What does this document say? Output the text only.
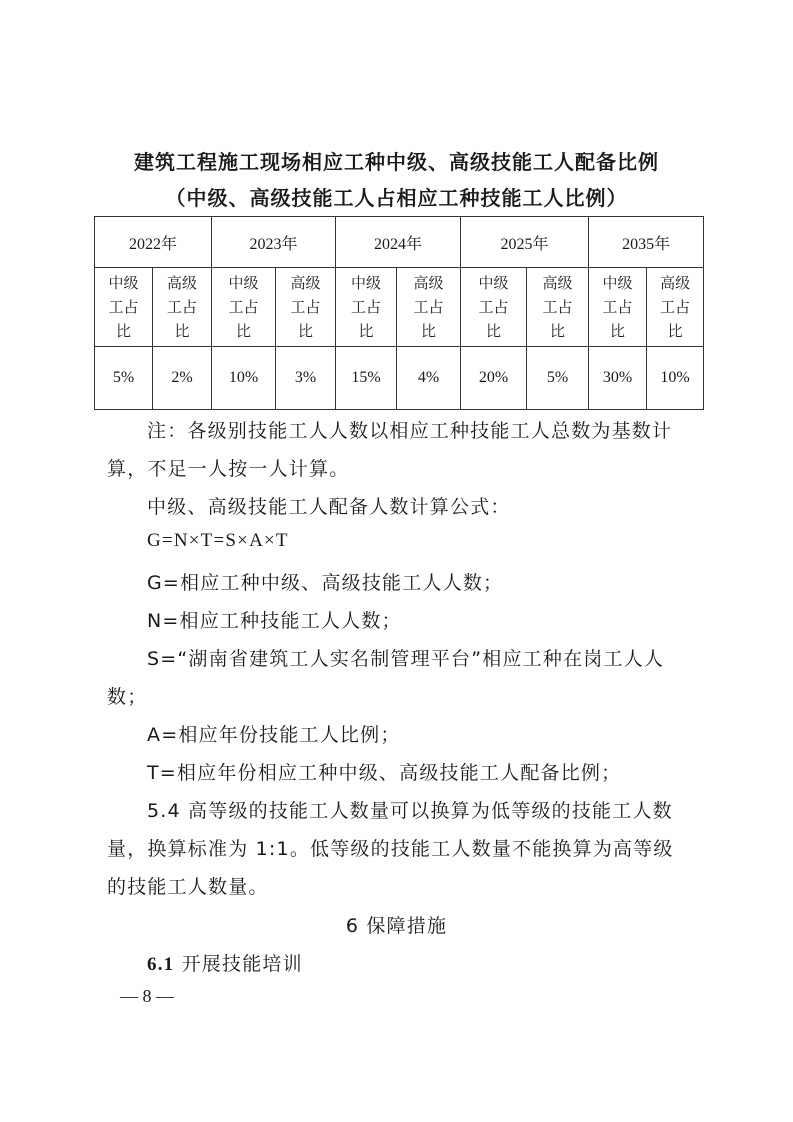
建筑工程施工现场相应工种中级、高级技能工人配备比例
（中级、高级技能工人占相应工种技能工人比例）
2022年		2023年		2024年		2025年		2035年	

中级
工占
比	高级
工占
比	中级
工占
比	高级
工占
比	中级
工占
比	高级
工占
比	中级
工占
比	高级
工占
比	中级
工占
比	高级
工占
比

5%	2%	10%	3%	15%	4%	20%	5%	30%	10%
注：各级别技能工人人数以相应工种技能工人总数为基数计
算，不足一人按一人计算。
中级、高级技能工人配备人数计算公式：
G=N×T=S×A×T
G=相应工种中级、高级技能工人人数；
N=相应工种技能工人人数；
S=“湖南省建筑工人实名制管理平台”相应工种在岗工人人
数；
A=相应年份技能工人比例；
T=相应年份相应工种中级、高级技能工人配备比例；
5.4 高等级的技能工人数量可以换算为低等级的技能工人数
量，换算标准为 1:1。低等级的技能工人数量不能换算为高等级
的技能工人数量。
6 保障措施
6.1 开展技能培训
— 8 —
